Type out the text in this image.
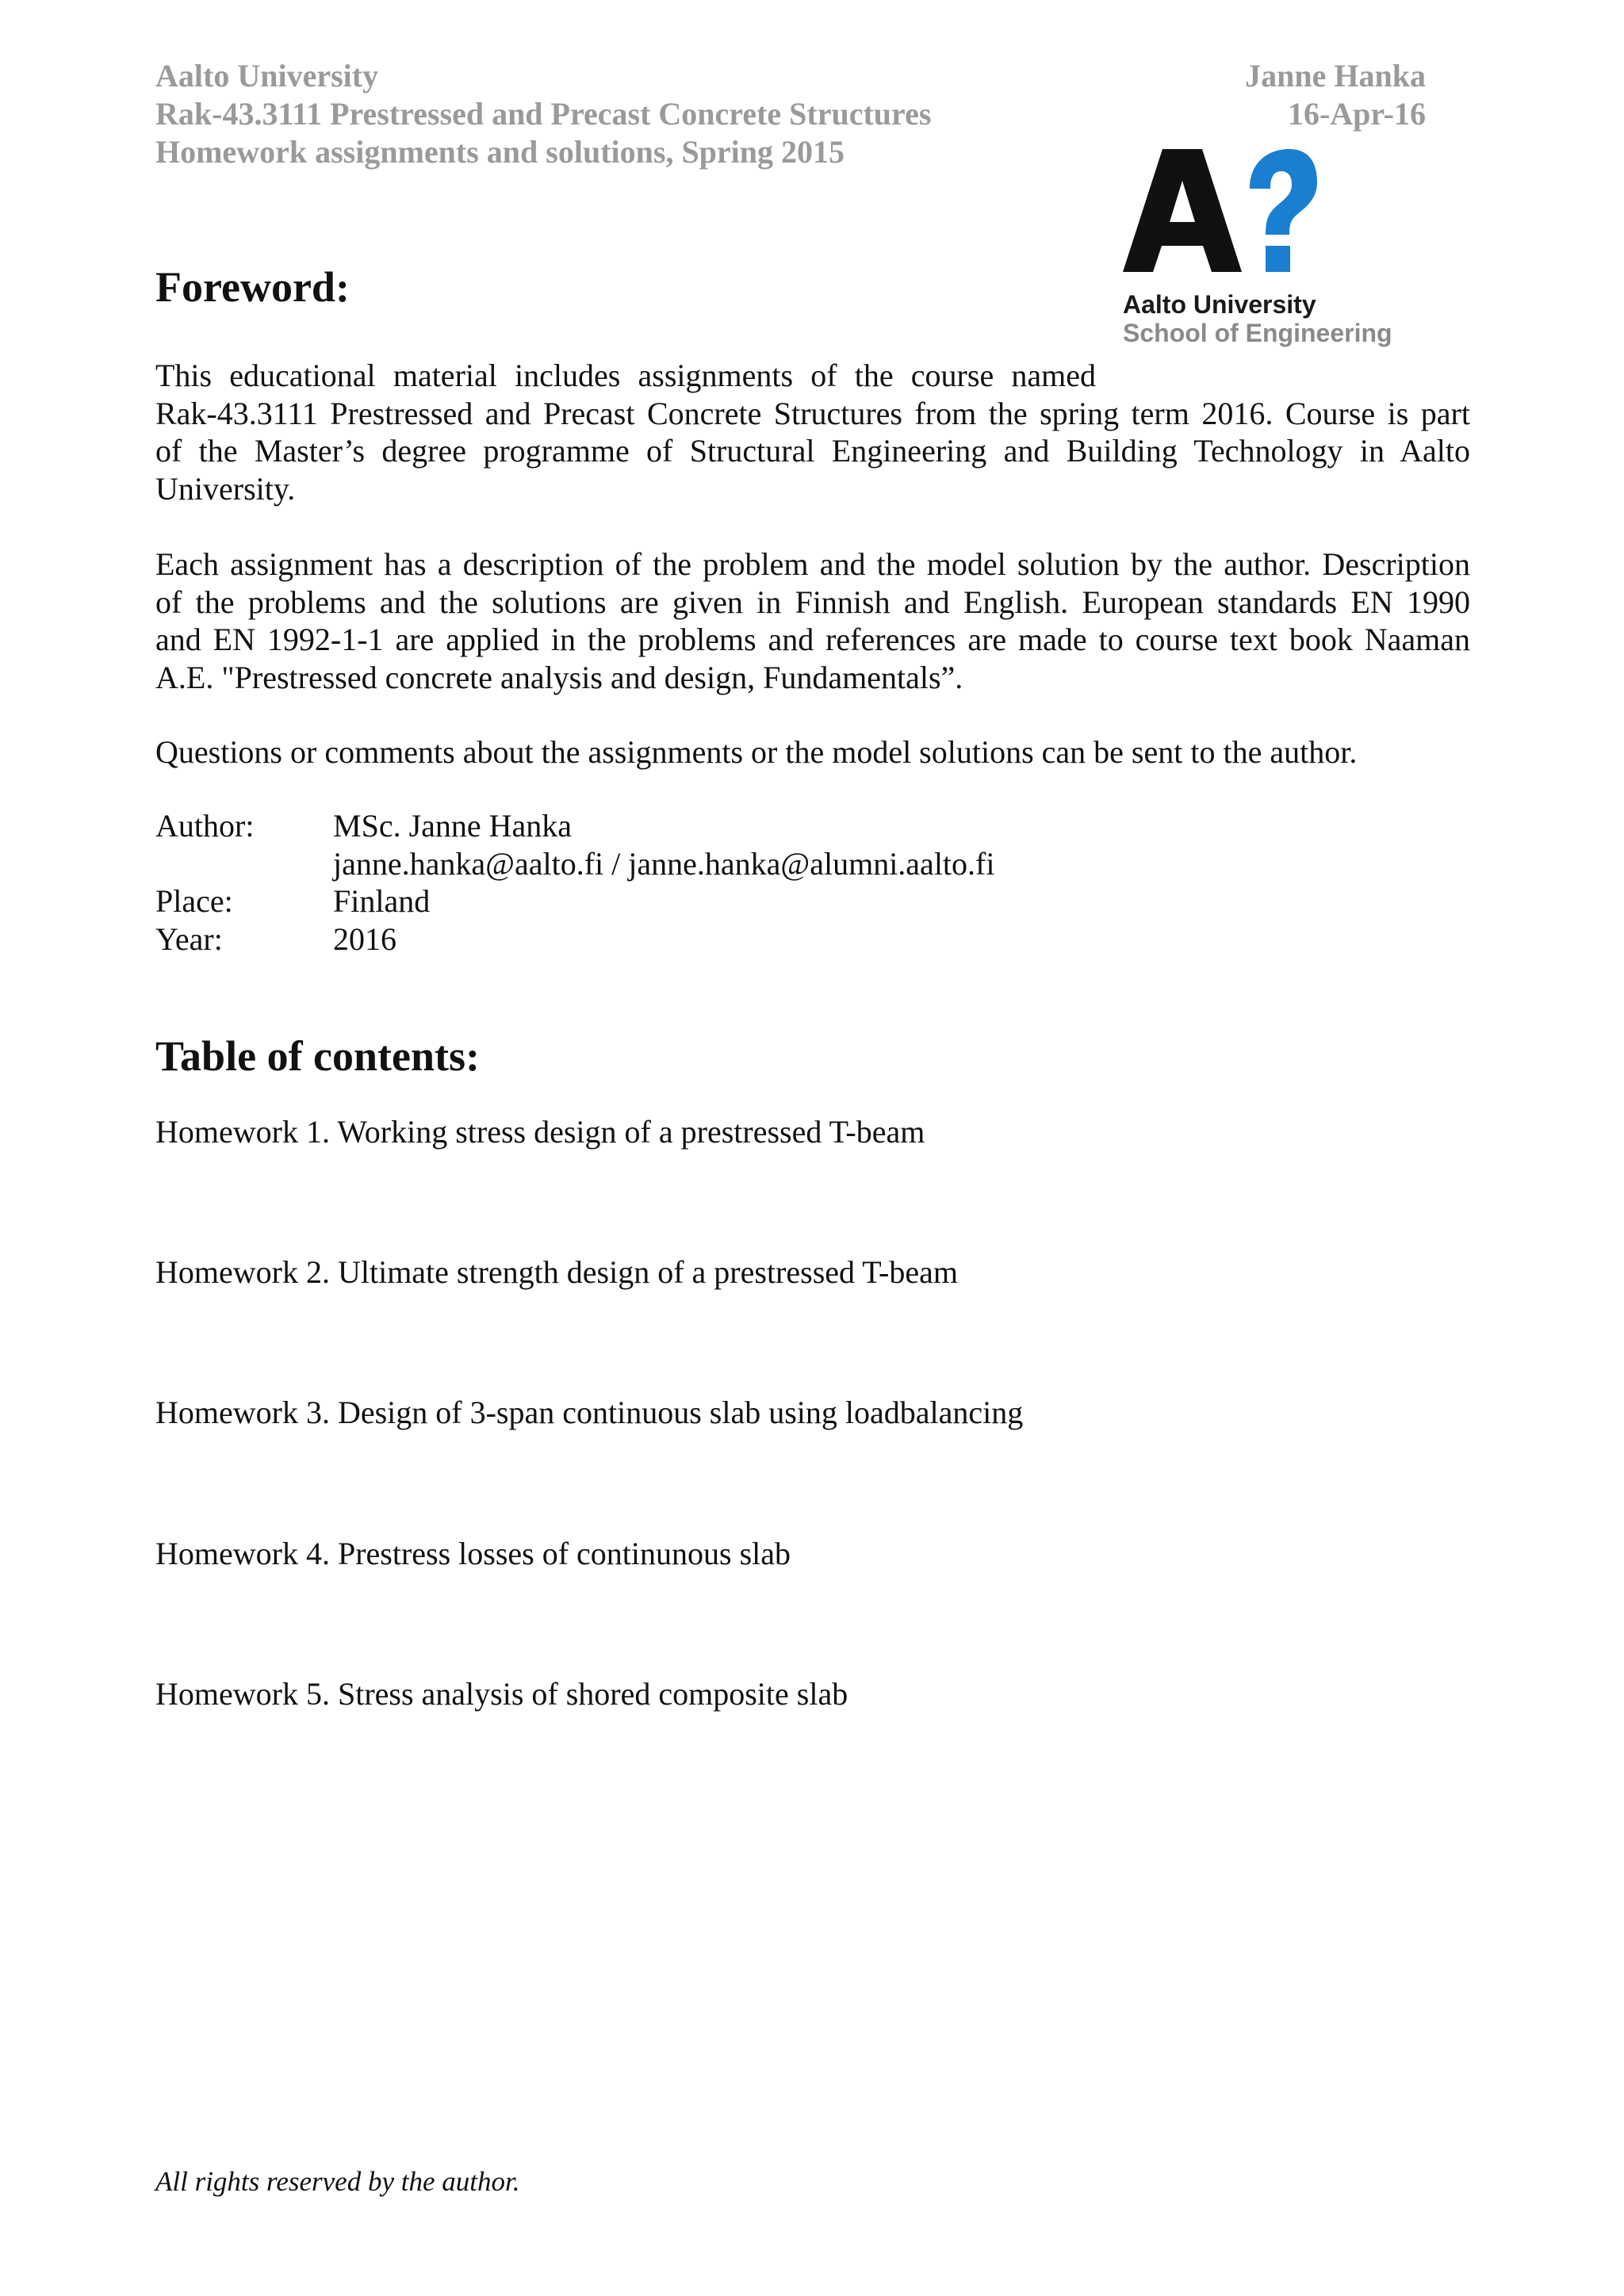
Aalto University
Rak-43.3111 Prestressed and Precast Concrete Structures
Homework assignments and solutions, Spring 2015
Janne Hanka
16-Apr-16
Aalto University
School of Engineering
Foreword:
This educational material includes assignments of the course named
Rak-43.3111 Prestressed and Precast Concrete Structures from the spring term 2016. Course is part
of the Master’s degree programme of Structural Engineering and Building Technology in Aalto
University.
Each assignment has a description of the problem and the model solution by the author. Description
of the problems and the solutions are given in Finnish and English. European standards EN 1990
and EN 1992-1-1 are applied in the problems and references are made to course text book Naaman
A.E. "Prestressed concrete analysis and design, Fundamentals”.
Questions or comments about the assignments or the model solutions can be sent to the author.
Author: MSc. Janne Hanka
janne.hanka@aalto.fi / janne.hanka@alumni.aalto.fi
Place:	Finland
Year:	2016
Table of contents:
Homework 1. Working stress design of a prestressed T-beam
Homework 2. Ultimate strength design of a prestressed T-beam
Homework 3. Design of 3-span continuous slab using loadbalancing
Homework 4. Prestress losses of continunous slab
Homework 5. Stress analysis of shored composite slab
All rights reserved by the author.
